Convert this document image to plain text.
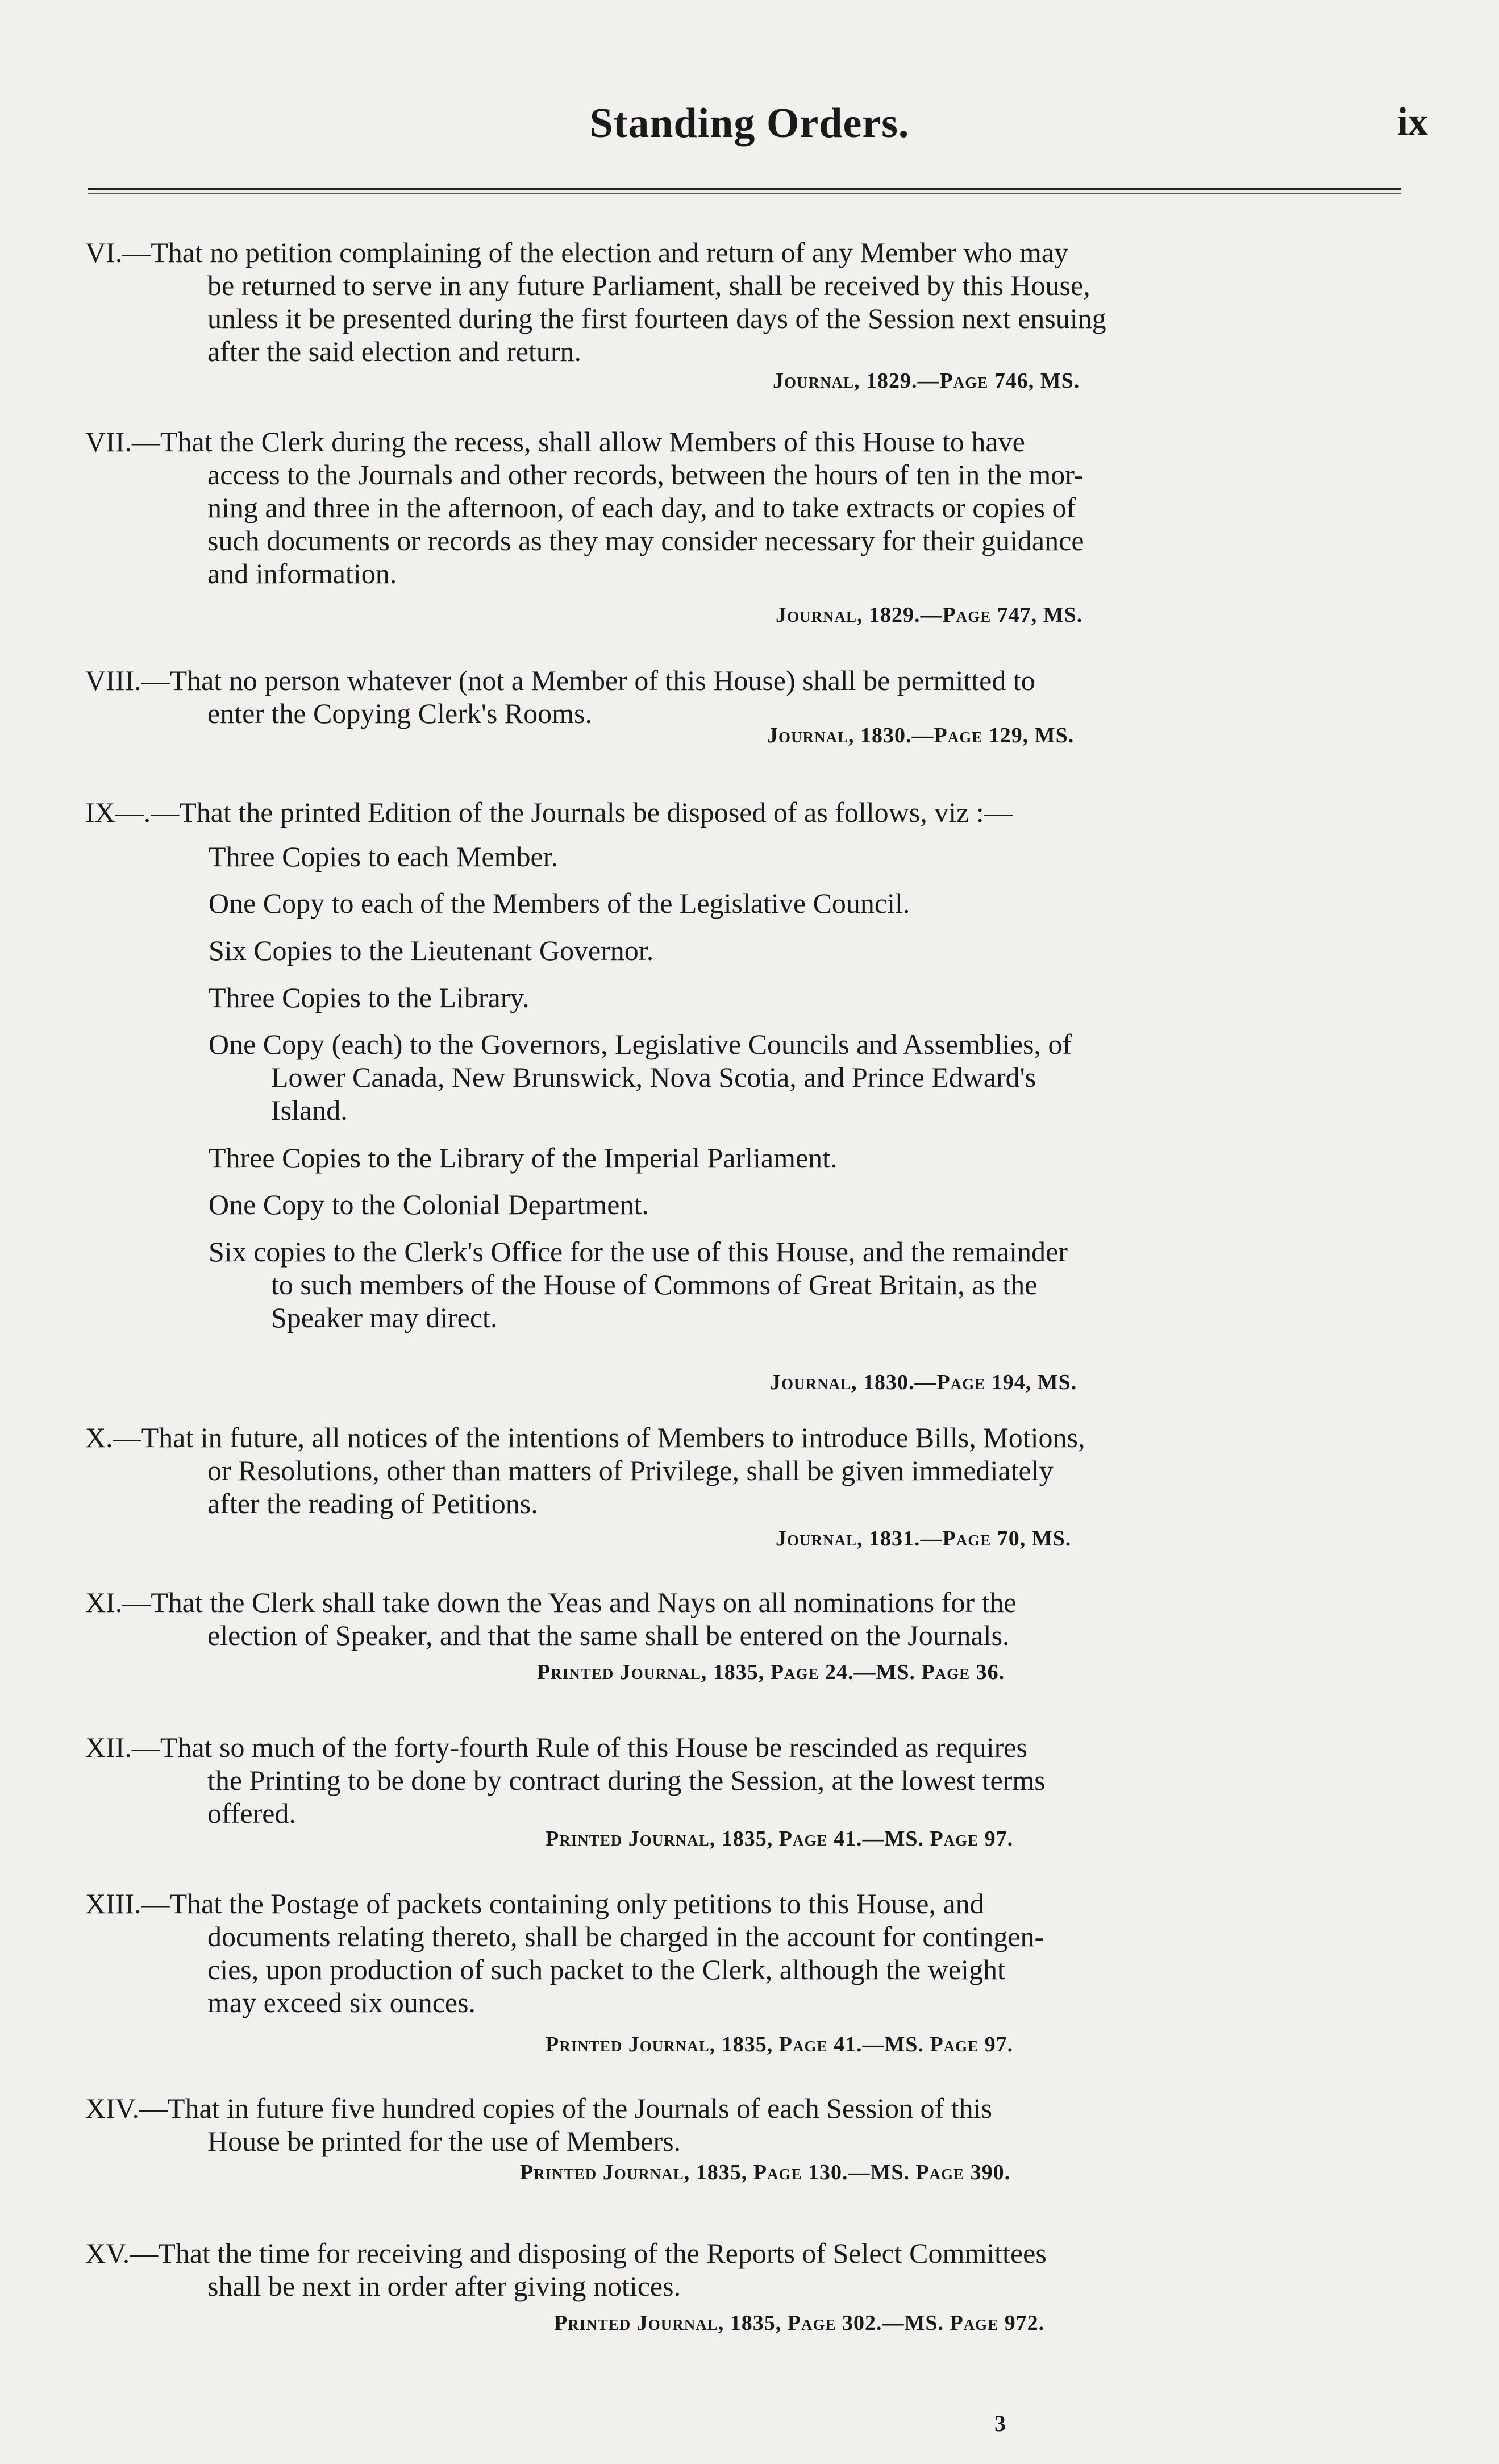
Standing Orders.	ix
VI.—That no petition complaining of the election and return of any Member who may
be returned to serve in any future Parliament, shall be received by this House,
unless it be presented during the first fourteen days of the Session next ensuing
after the said election and return.
Journal, 1829.—Page 746, MS.
VII.—That the Clerk during the recess, shall allow Members of this House to have
access to the Journals and other records, between the hours of ten in the mor-
ning and three in the afternoon, of each day, and to take extracts or copies of
such documents or records as they may consider necessary for their guidance
and information.
Journal, 1829.—Page 747, MS.
VIII.—That no person whatever (not a Member of this House) shall be permitted to
enter the Copying Clerk's Rooms.
Journal, 1830.—Page 129, MS.
IX—.—That the printed Edition of the Journals be disposed of as follows, viz :—
Three Copies to each Member.
One Copy to each of the Members of the Legislative Council.
Six Copies to the Lieutenant Governor.
Three Copies to the Library.
One Copy (each) to the Governors, Legislative Councils and Assemblies, of
Lower Canada, New Brunswick, Nova Scotia, and Prince Edward's
Island.
Three Copies to the Library of the Imperial Parliament.
One Copy to the Colonial Department.
Six copies to the Clerk's Office for the use of this House, and the remainder
to such members of the House of Commons of Great Britain, as the
Speaker may direct.
Journal, 1830.—Page 194, MS.
X.—That in future, all notices of the intentions of Members to introduce Bills, Motions,
or Resolutions, other than matters of Privilege, shall be given immediately
after the reading of Petitions.
Journal, 1831.—Page 70, MS.
XI.—That the Clerk shall take down the Yeas and Nays on all nominations for the
election of Speaker, and that the same shall be entered on the Journals.
Printed Journal, 1835, Page 24.—MS. Page 36.
XII.—That so much of the forty-fourth Rule of this House be rescinded as requires
the Printing to be done by contract during the Session, at the lowest terms
offered.
Printed Journal, 1835, Page 41.—MS. Page 97.
XIII.—That the Postage of packets containing only petitions to this House, and
documents relating thereto, shall be charged in the account for contingen-
cies, upon production of such packet to the Clerk, although the weight
may exceed six ounces.
Printed Journal, 1835, Page 41.—MS. Page 97.
XIV.—That in future five hundred copies of the Journals of each Session of this
House be printed for the use of Members.
Printed Journal, 1835, Page 130.—MS. Page 390.
XV.—That the time for receiving and disposing of the Reports of Select Committees
shall be next in order after giving notices.
Printed Journal, 1835, Page 302.—MS. Page 972.
3
